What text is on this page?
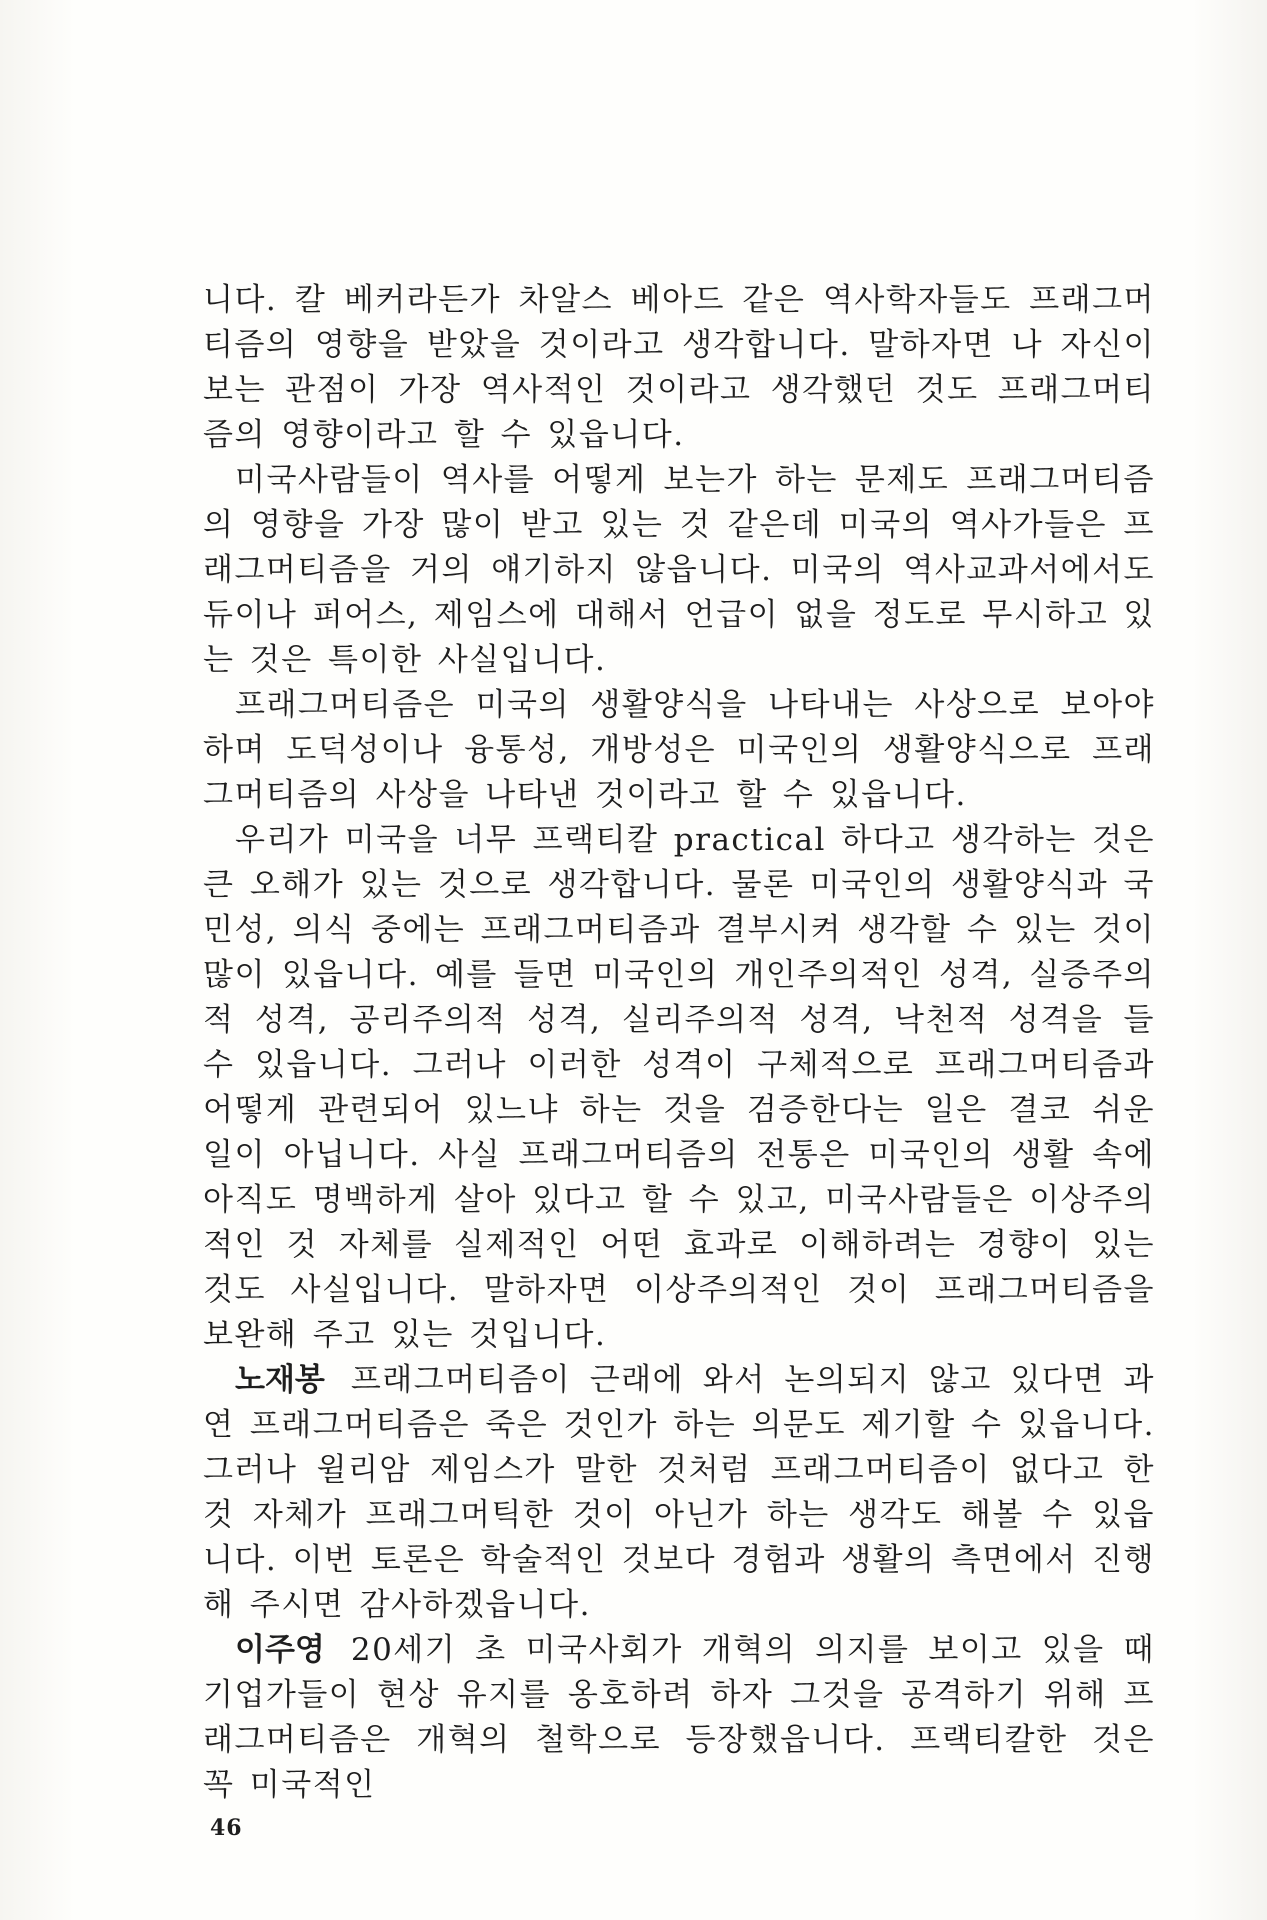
니다. 칼 베커라든가 차알스 베아드 같은 역사학자들도 프래그머티즘의 영향을 받았을 것이라고 생각합니다. 말하자면 나 자신이 보는 관점이 가장 역사적인 것이라고 생각했던 것도 프래그머티즘의 영향이라고 할 수 있읍니다.

미국사람들이 역사를 어떻게 보는가 하는 문제도 프래그머티즘의 영향을 가장 많이 받고 있는 것 같은데 미국의 역사가들은 프래그머티즘을 거의 얘기하지 않읍니다. 미국의 역사교과서에서도 듀이나 퍼어스, 제임스에 대해서 언급이 없을 정도로 무시하고 있는 것은 특이한 사실입니다.

프래그머티즘은 미국의 생활양식을 나타내는 사상으로 보아야 하며 도덕성이나 융통성, 개방성은 미국인의 생활양식으로 프래그머티즘의 사상을 나타낸 것이라고 할 수 있읍니다.

우리가 미국을 너무 프랙티칼 practical 하다고 생각하는 것은 큰 오해가 있는 것으로 생각합니다. 물론 미국인의 생활양식과 국민성, 의식 중에는 프래그머티즘과 결부시켜 생각할 수 있는 것이 많이 있읍니다. 예를 들면 미국인의 개인주의적인 성격, 실증주의적 성격, 공리주의적 성격, 실리주의적 성격, 낙천적 성격을 들 수 있읍니다. 그러나 이러한 성격이 구체적으로 프래그머티즘과 어떻게 관련되어 있느냐 하는 것을 검증한다는 일은 결코 쉬운 일이 아닙니다. 사실 프래그머티즘의 전통은 미국인의 생활 속에 아직도 명백하게 살아 있다고 할 수 있고, 미국사람들은 이상주의적인 것 자체를 실제적인 어떤 효과로 이해하려는 경향이 있는 것도 사실입니다. 말하자면 이상주의적인 것이 프래그머티즘을 보완해 주고 있는 것입니다.

노재봉 프래그머티즘이 근래에 와서 논의되지 않고 있다면 과연 프래그머티즘은 죽은 것인가 하는 의문도 제기할 수 있읍니다. 그러나 윌리암 제임스가 말한 것처럼 프래그머티즘이 없다고 한 것 자체가 프래그머틱한 것이 아닌가 하는 생각도 해볼 수 있읍니다. 이번 토론은 학술적인 것보다 경험과 생활의 측면에서 진행해 주시면 감사하겠읍니다.

이주영 20세기 초 미국사회가 개혁의 의지를 보이고 있을 때 기업가들이 현상 유지를 옹호하려 하자 그것을 공격하기 위해 프래그머티즘은 개혁의 철학으로 등장했읍니다. 프랙티칼한 것은 꼭 미국적인

46
